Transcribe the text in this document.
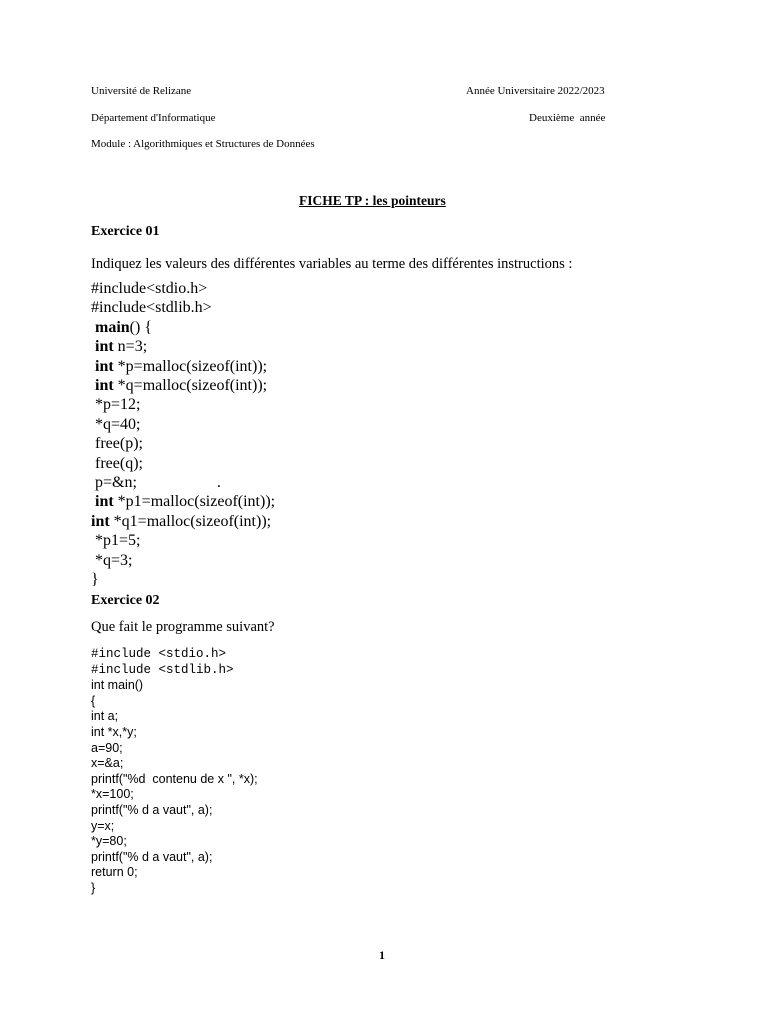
Université de Relizane	Année Universitaire 2022/2023
Département d'Informatique	Deuxième  année
Module : Algorithmiques et Structures de Données
FICHE TP : les pointeurs
Exercice 01
Indiquez les valeurs des différentes variables au terme des différentes instructions :
#include<stdio.h>
#include<stdlib.h>
main() {
int n=3;
int *p=malloc(sizeof(int));
int *q=malloc(sizeof(int));
*p=12;
*q=40;
free(p);
free(q);
p=&n;                    .
int *p1=malloc(sizeof(int));
int *q1=malloc(sizeof(int));
*p1=5;
*q=3;
}
Exercice 02
Que fait le programme suivant?
#include <stdio.h>
#include <stdlib.h>
int main()
{
int a;
int *x,*y;
a=90;
x=&a;
printf("%d  contenu de x ", *x);
*x=100;
printf("% d a vaut", a);
y=x;
*y=80;
printf("% d a vaut", a);
return 0;
}
1
